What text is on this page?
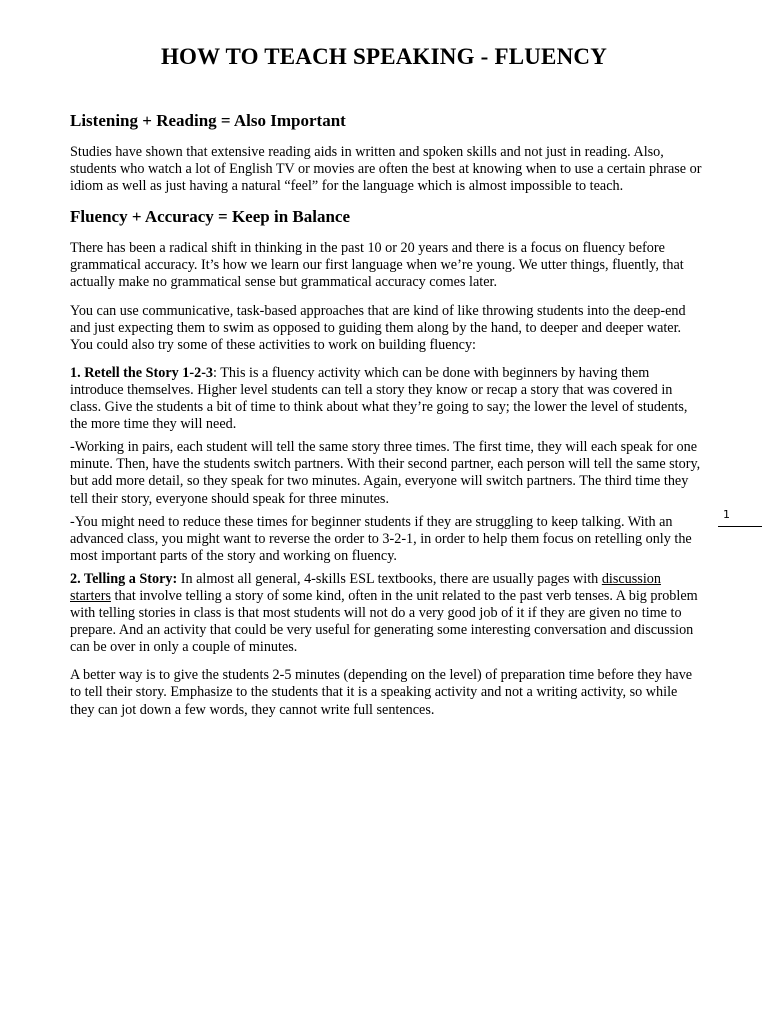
HOW TO TEACH SPEAKING - FLUENCY
Listening + Reading = Also Important

Studies have shown that extensive reading aids in written and spoken skills and not just in reading. Also, students who watch a lot of English TV or movies are often the best at knowing when to use a certain phrase or idiom as well as just having a natural “feel” for the language which is almost impossible to teach.

Fluency + Accuracy = Keep in Balance

There has been a radical shift in thinking in the past 10 or 20 years and there is a focus on fluency before grammatical accuracy. It’s how we learn our first language when we’re young. We utter things, fluently, that actually make no grammatical sense but grammatical accuracy comes later.

You can use communicative, task-based approaches that are kind of like throwing students into the deep-end and just expecting them to swim as opposed to guiding them along by the hand, to deeper and deeper water. You could also try some of these activities to work on building fluency:

1. Retell the Story 1-2-3: This is a fluency activity which can be done with beginners by having them introduce themselves. Higher level students can tell a story they know or recap a story that was covered in class. Give the students a bit of time to think about what they’re going to say; the lower the level of students, the more time they will need.

-Working in pairs, each student will tell the same story three times. The first time, they will each speak for one minute. Then, have the students switch partners. With their second partner, each person will tell the same story, but add more detail, so they speak for two minutes. Again, everyone will switch partners. The third time they tell their story, everyone should speak for three minutes.

-You might need to reduce these times for beginner students if they are struggling to keep talking. With an advanced class, you might want to reverse the order to 3-2-1, in order to help them focus on retelling only the most important parts of the story and working on fluency.

2. Telling a Story: In almost all general, 4-skills ESL textbooks, there are usually pages with discussion starters that involve telling a story of some kind, often in the unit related to the past verb tenses. A big problem with telling stories in class is that most students will not do a very good job of it if they are given no time to prepare. And an activity that could be very useful for generating some interesting conversation and discussion can be over in only a couple of minutes.

A better way is to give the students 2-5 minutes (depending on the level) of preparation time before they have to tell their story. Emphasize to the students that it is a speaking activity and not a writing activity, so while they can jot down a few words, they cannot write full sentences.

1
